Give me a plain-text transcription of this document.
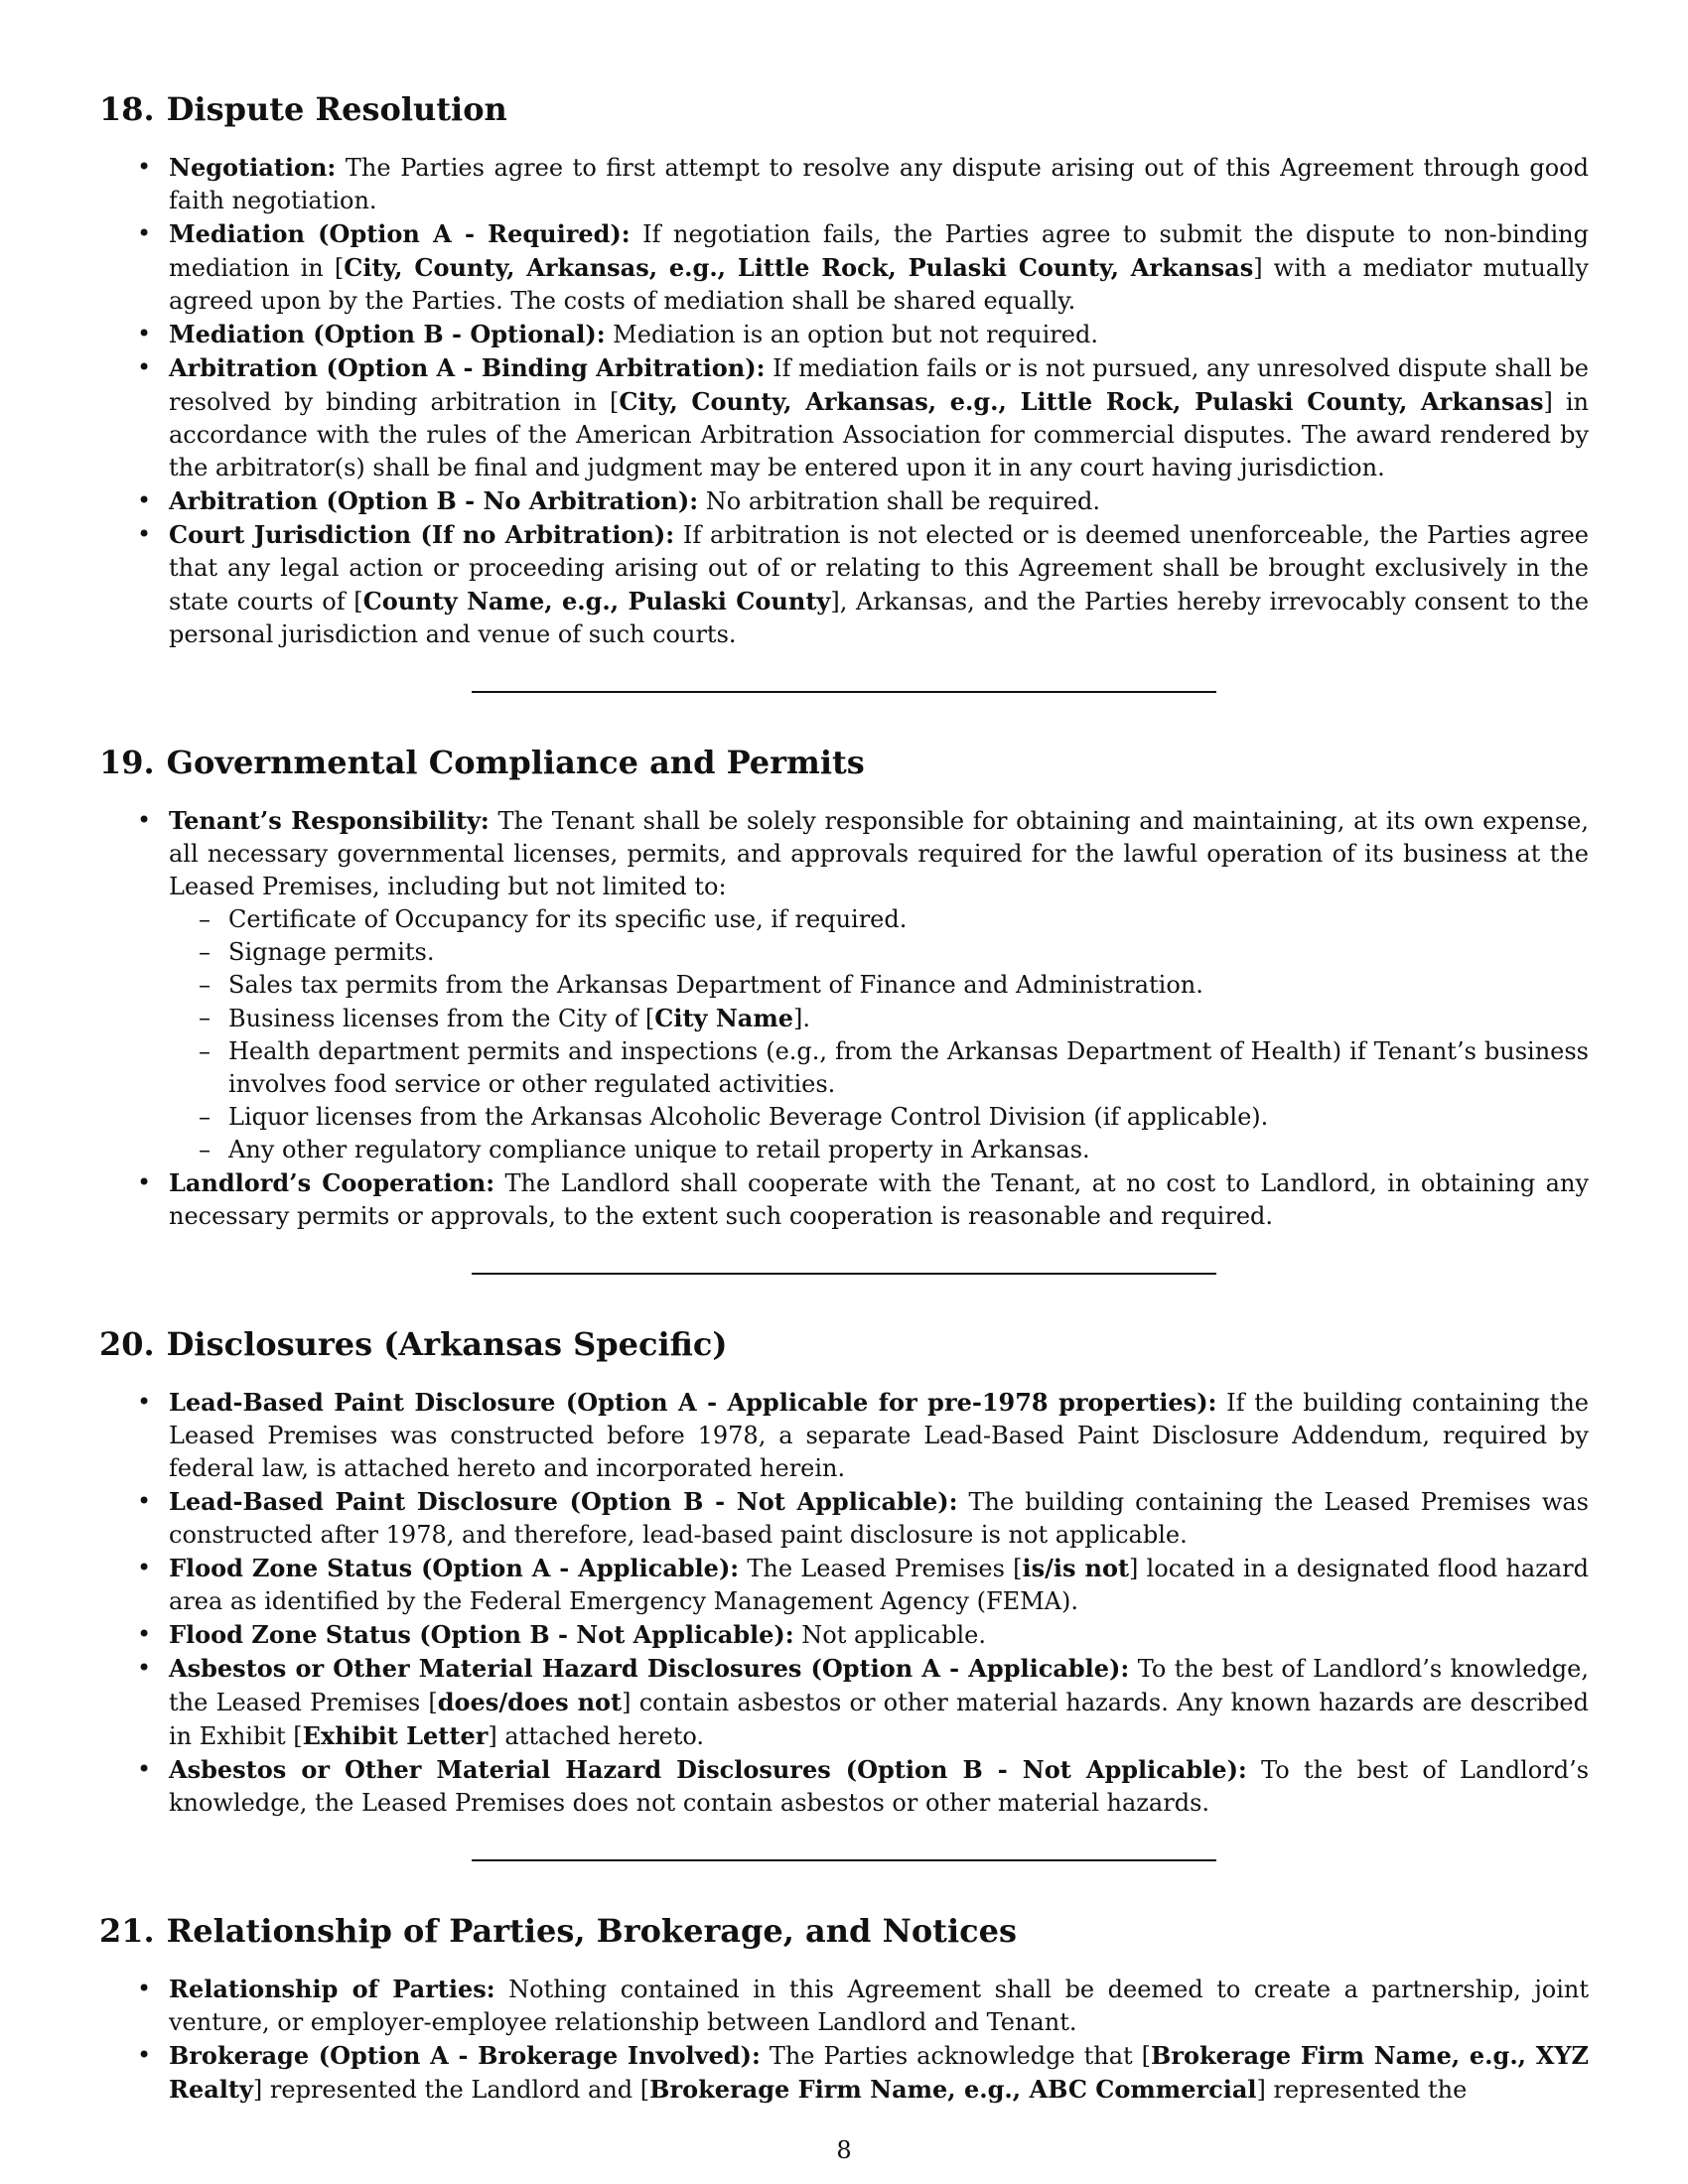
18. Dispute Resolution
• Negotiation: The Parties agree to first attempt to resolve any dispute arising out of this Agreement through good faith negotiation.
• Mediation (Option A - Required): If negotiation fails, the Parties agree to submit the dispute to non-binding mediation in [City, County, Arkansas, e.g., Little Rock, Pulaski County, Arkansas] with a mediator mutually agreed upon by the Parties. The costs of mediation shall be shared equally.
• Mediation (Option B - Optional): Mediation is an option but not required.
• Arbitration (Option A - Binding Arbitration): If mediation fails or is not pursued, any unresolved dispute shall be resolved by binding arbitration in [City, County, Arkansas, e.g., Little Rock, Pulaski County, Arkansas] in accordance with the rules of the American Arbitration Association for commercial disputes. The award rendered by the arbitrator(s) shall be final and judgment may be entered upon it in any court having jurisdiction.
• Arbitration (Option B - No Arbitration): No arbitration shall be required.
• Court Jurisdiction (If no Arbitration): If arbitration is not elected or is deemed unenforceable, the Parties agree that any legal action or proceeding arising out of or relating to this Agreement shall be brought exclusively in the state courts of [County Name, e.g., Pulaski County], Arkansas, and the Parties hereby irrevocably consent to the personal jurisdiction and venue of such courts.
19. Governmental Compliance and Permits
• Tenant’s Responsibility: The Tenant shall be solely responsible for obtaining and maintaining, at its own expense, all necessary governmental licenses, permits, and approvals required for the lawful operation of its business at the Leased Premises, including but not limited to:
– Certificate of Occupancy for its specific use, if required.
– Signage permits.
– Sales tax permits from the Arkansas Department of Finance and Administration.
– Business licenses from the City of [City Name].
– Health department permits and inspections (e.g., from the Arkansas Department of Health) if Tenant’s business involves food service or other regulated activities.
– Liquor licenses from the Arkansas Alcoholic Beverage Control Division (if applicable).
– Any other regulatory compliance unique to retail property in Arkansas.
• Landlord’s Cooperation: The Landlord shall cooperate with the Tenant, at no cost to Landlord, in obtaining any necessary permits or approvals, to the extent such cooperation is reasonable and required.
20. Disclosures (Arkansas Specific)
• Lead-Based Paint Disclosure (Option A - Applicable for pre-1978 properties): If the building containing the Leased Premises was constructed before 1978, a separate Lead-Based Paint Disclosure Addendum, required by federal law, is attached hereto and incorporated herein.
• Lead-Based Paint Disclosure (Option B - Not Applicable): The building containing the Leased Premises was constructed after 1978, and therefore, lead-based paint disclosure is not applicable.
• Flood Zone Status (Option A - Applicable): The Leased Premises [is/is not] located in a designated flood hazard area as identified by the Federal Emergency Management Agency (FEMA).
• Flood Zone Status (Option B - Not Applicable): Not applicable.
• Asbestos or Other Material Hazard Disclosures (Option A - Applicable): To the best of Landlord’s knowledge, the Leased Premises [does/does not] contain asbestos or other material hazards. Any known hazards are described in Exhibit [Exhibit Letter] attached hereto.
• Asbestos or Other Material Hazard Disclosures (Option B - Not Applicable): To the best of Landlord’s knowledge, the Leased Premises does not contain asbestos or other material hazards.
21. Relationship of Parties, Brokerage, and Notices
• Relationship of Parties: Nothing contained in this Agreement shall be deemed to create a partnership, joint venture, or employer-employee relationship between Landlord and Tenant.
• Brokerage (Option A - Brokerage Involved): The Parties acknowledge that [Brokerage Firm Name, e.g., XYZ Realty] represented the Landlord and [Brokerage Firm Name, e.g., ABC Commercial] represented the
8
